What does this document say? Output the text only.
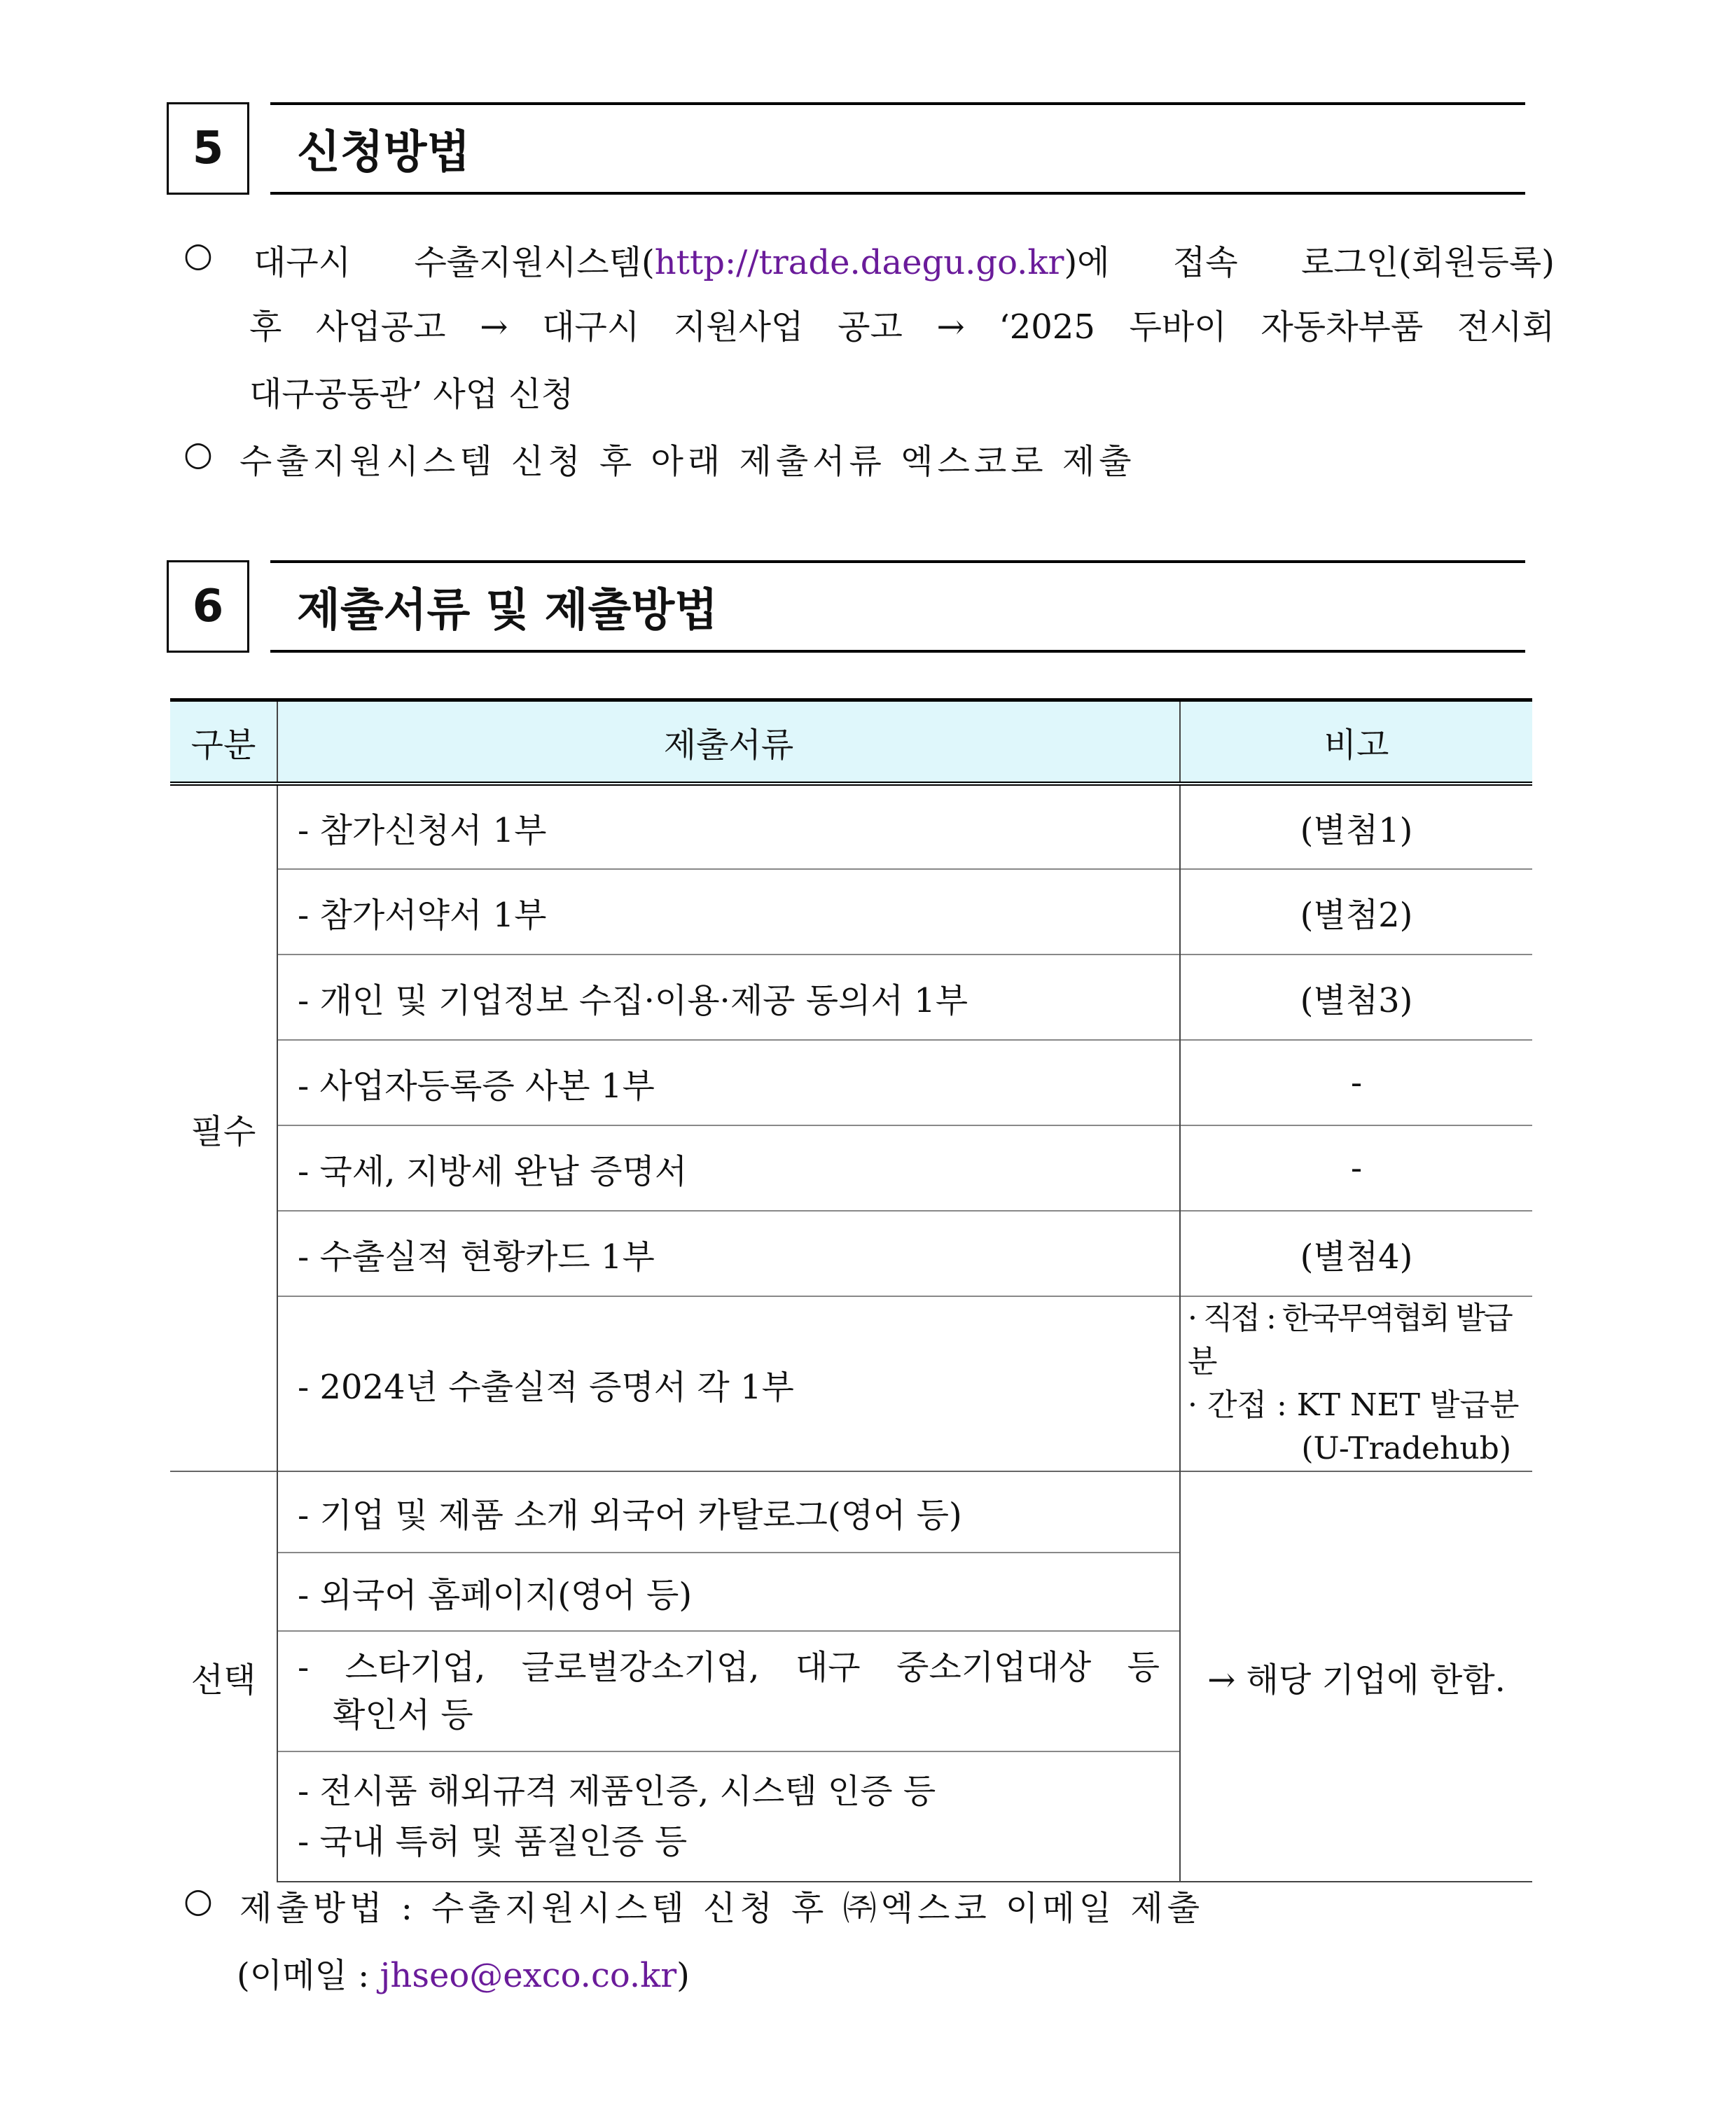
5	신청방법
○ 대구시 수출지원시스템(http://trade.daegu.go.kr)에 접속 로그인(회원등록)
후 사업공고 → 대구시 지원사업 공고 → ‘2025 두바이 자동차부품 전시회
대구공동관’ 사업 신청
○ 수출지원시스템 신청 후 아래 제출서류 엑스코로 제출
6	제출서류 및 제출방법
구분	제출서류	비고
필수	- 참가신청서 1부	(별첨1)
	- 참가서약서 1부	(별첨2)
	- 개인 및 기업정보 수집·이용·제공 동의서 1부	(별첨3)
	- 사업자등록증 사본 1부	-
	- 국세, 지방세 완납 증명서	-
	- 수출실적 현황카드 1부	(별첨4)
	- 2024년 수출실적 증명서 각 1부	· 직접 : 한국무역협회 발급분
· 간접 : KT NET 발급분
(U-Tradehub)

선택	- 기업 및 제품 소개 외국어 카탈로그(영어 등)	→ 해당 기업에 한함.
	- 외국어 홈페이지(영어 등)	

	- 스타기업, 글로벌강소기업, 대구 중소기업대상 등
확인서 등	

	- 전시품 해외규격 제품인증, 시스템 인증 등
- 국내 특허 및 품질인증 등	
○ 제출방법 : 수출지원시스템 신청 후 ㈜엑스코 이메일 제출
(이메일 : jhseo@exco.co.kr)
